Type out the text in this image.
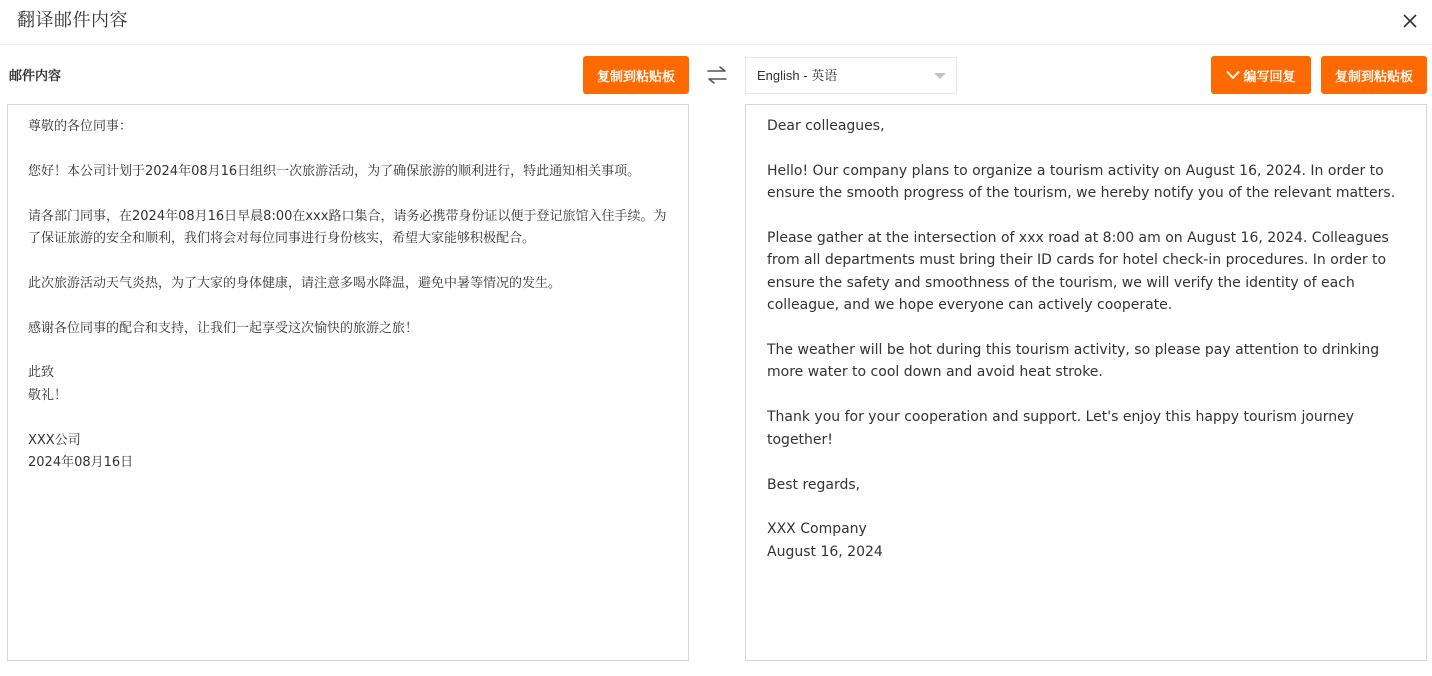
翻译邮件内容
邮件内容	复制到粘贴板	English - 英语	编写回复	复制到粘贴板
尊敬的各位同事：

您好！本公司计划于2024年08月16日组织一次旅游活动，为了确保旅游的顺利进行，特此通知相关事项。

请各部门同事，在2024年08月16日早晨8:00在xxx路口集合，请务必携带身份证以便于登记旅馆入住手续。为了保证旅游的安全和顺利，我们将会对每位同事进行身份核实，希望大家能够积极配合。

此次旅游活动天气炎热，为了大家的身体健康，请注意多喝水降温，避免中暑等情况的发生。

感谢各位同事的配合和支持，让我们一起享受这次愉快的旅游之旅！

此致
敬礼！

XXX公司
2024年08月16日
Dear colleagues,

Hello! Our company plans to organize a tourism activity on August 16, 2024. In order to ensure the smooth progress of the tourism, we hereby notify you of the relevant matters.

Please gather at the intersection of xxx road at 8:00 am on August 16, 2024. Colleagues from all departments must bring their ID cards for hotel check-in procedures. In order to ensure the safety and smoothness of the tourism, we will verify the identity of each colleague, and we hope everyone can actively cooperate.

The weather will be hot during this tourism activity, so please pay attention to drinking more water to cool down and avoid heat stroke.

Thank you for your cooperation and support. Let's enjoy this happy tourism journey together!

Best regards,

XXX Company
August 16, 2024
